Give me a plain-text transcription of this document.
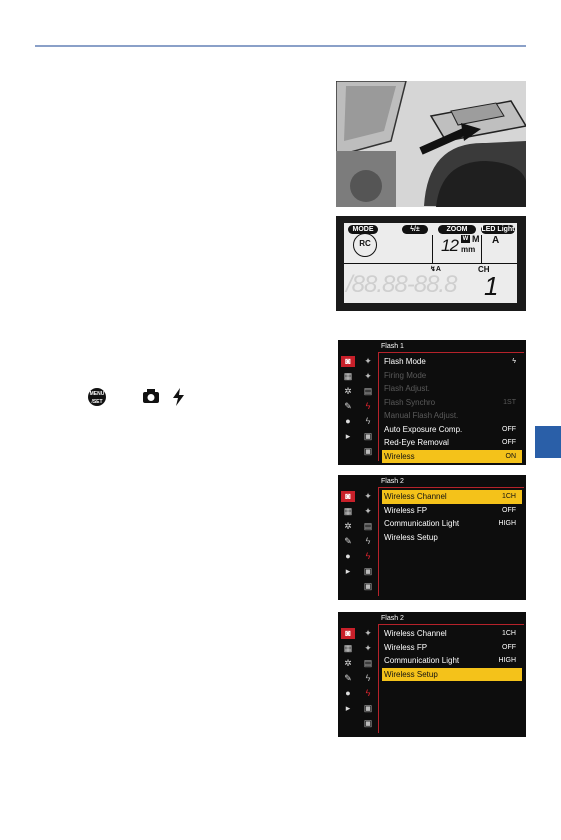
MODE	ϟ/±	ZOOM	LED Light
RC	12 W M
mm
A
↯A	CH
/88.88-88.8 1
MENU /SET
Flash 1
◙
▦
✲
✎
●
▸
✦
✦
▤
ϟ
ϟ
▣
▣
Flash Mode	ϟ
Firing Mode
Flash Adjust.
Flash Synchro	1ST
Manual Flash Adjust.
Auto Exposure Comp.	OFF
Red-Eye Removal	OFF
Wireless	ON
Flash 2
◙
▦
✲
✎
●
▸
✦
✦
▤
ϟ
ϟ
▣
▣
Wireless Channel	1CH
Wireless FP	OFF
Communication Light	HIGH
Wireless Setup
Flash 2
◙
▦
✲
✎
●
▸
✦
✦
▤
ϟ
ϟ
▣
▣
Wireless Channel	1CH
Wireless FP	OFF
Communication Light	HIGH
Wireless Setup
